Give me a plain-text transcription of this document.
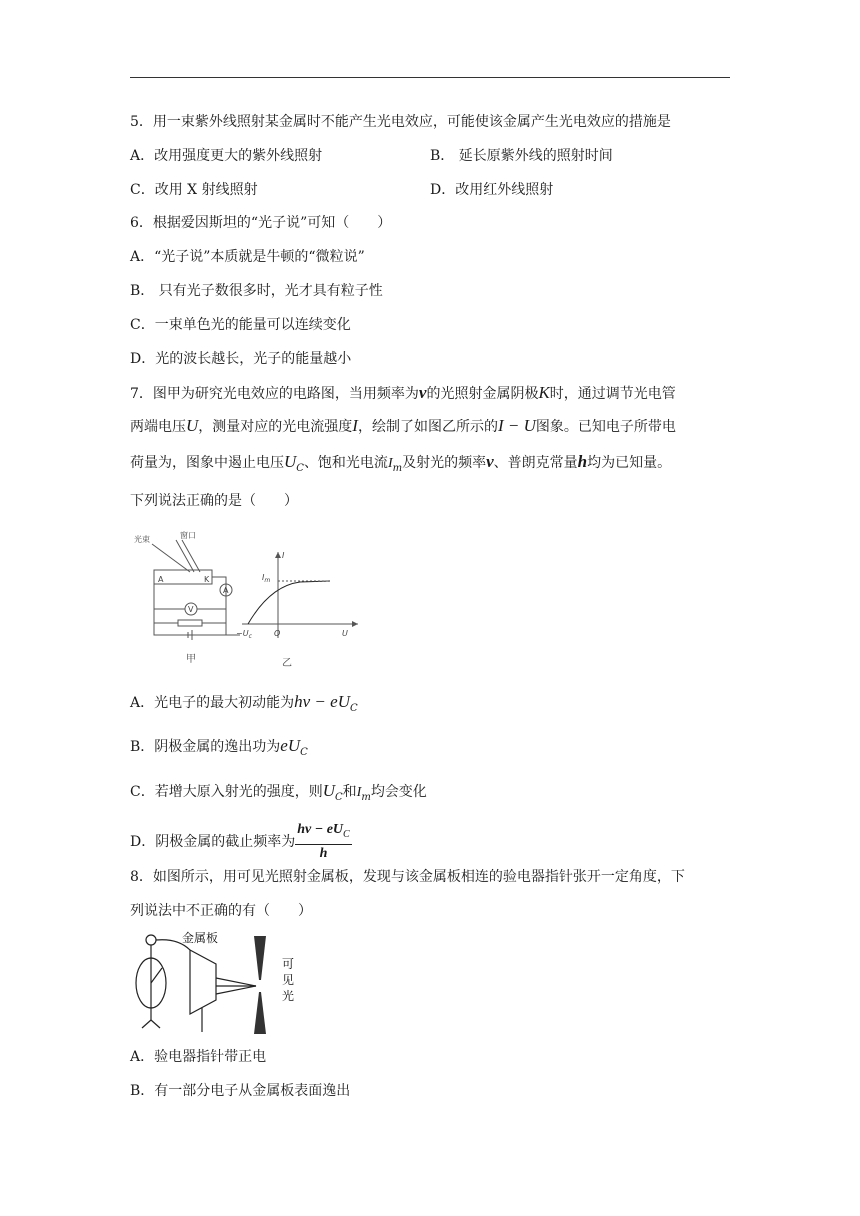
5．用一束紫外线照射某金属时不能产生光电效应，可能使该金属产生光电效应的措施是
A．改用强度更大的紫外线照射	B． 延长原紫外线的照射时间
C．改用 X 射线照射	D．改用红外线照射
6．根据爱因斯坦的“光子说”可知（　　）
A．“光子说”本质就是牛顿的“微粒说”
B． 只有光子数很多时，光才具有粒子性
C．一束单色光的能量可以连续变化
D．光的波长越长，光子的能量越小
7．图甲为研究光电效应的电路图，当用频率为ν的光照射金属阴极K时，通过调节光电管
两端电压U，测量对应的光电流强度I，绘制了如图乙所示的I − U图象。已知电子所带电
荷量为，图象中遏止电压$U_C$、饱和光电流$I_m$及射光的频率ν、普朗克常量h均为已知量。
下列说法正确的是（　　）
光束	窗口
A	K
A
V
甲	乙
I
U
$I_m$
$-U_c$	O
A．光电子的最大初动能为$h\nu - eU_C$
B．阴极金属的逸出功为$eU_C$
C．若增大原入射光的强度，则$U_C$和$I_m$均会变化
D．阴极金属的截止频率为 $\frac{h\nu - eU_C}{h}$
8．如图所示，用可见光照射金属板，发现与该金属板相连的验电器指针张开一定角度，下
列说法中不正确的有（　　）
金属板
可
见
光
A．验电器指针带正电
B．有一部分电子从金属板表面逸出
